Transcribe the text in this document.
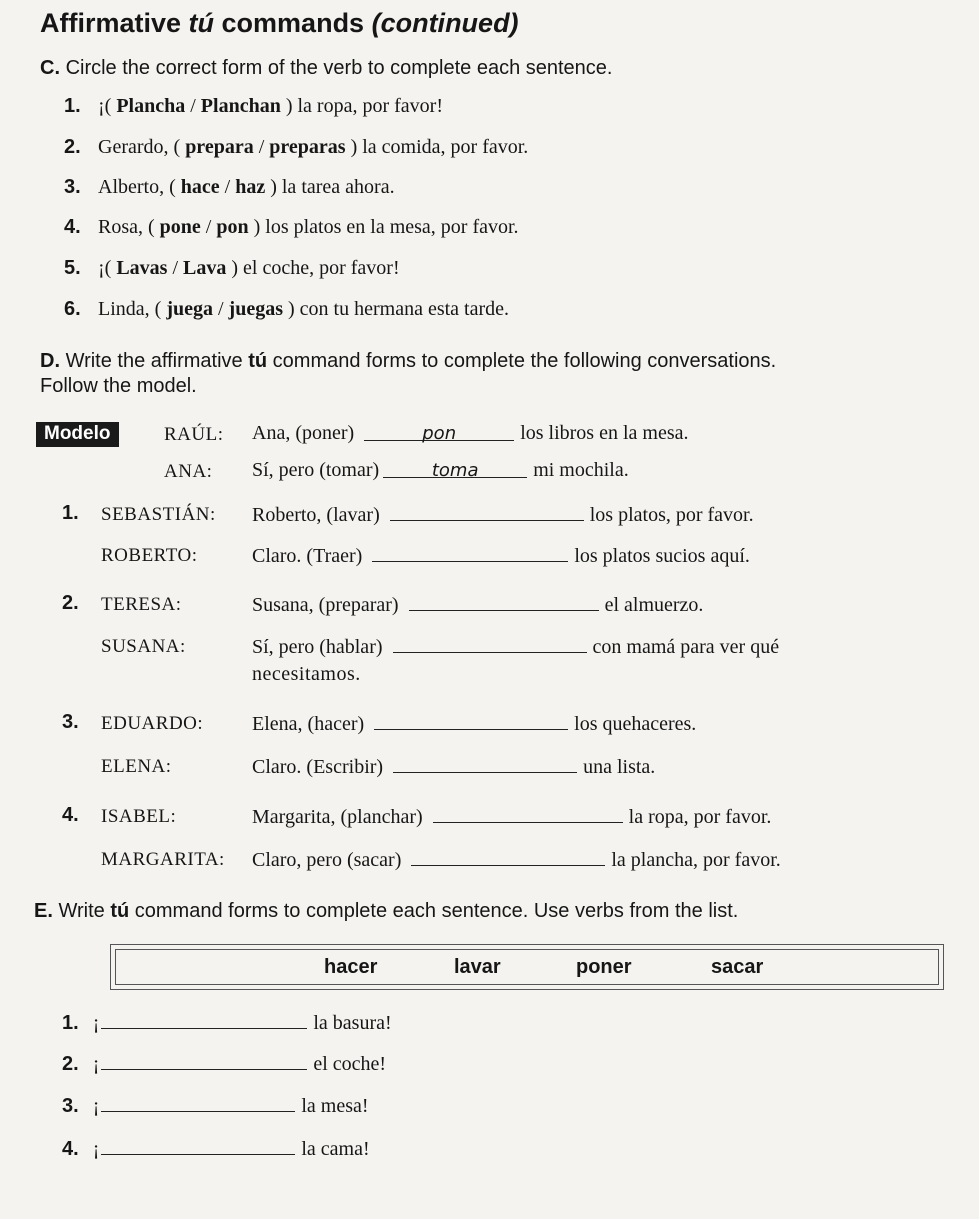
Affirmative tú commands (continued)
C. Circle the correct form of the verb to complete each sentence.
1. ¡( Plancha / Planchan ) la ropa, por favor!
2. Gerardo, ( prepara / preparas ) la comida, por favor.
3. Alberto, ( hace / haz ) la tarea ahora.
4. Rosa, ( pone / pon ) los platos en la mesa, por favor.
5. ¡( Lavas / Lava ) el coche, por favor!
6. Linda, ( juega / juegas ) con tu hermana esta tarde.
D. Write the affirmative tú command forms to complete the following conversations.
Follow the model.
Modelo	RAÚL: Ana, (poner)	pon	los libros en la mesa.
ANA: Sí, pero (tomar)	toma	mi mochila.
1. SEBASTIÁN: Roberto, (lavar)	los platos, por favor.
ROBERTO:	Claro. (Traer)	los platos sucios aquí.
2. TERESA:	Susana, (preparar)	el almuerzo.
SUSANA:	Sí, pero (hablar)	con mamá para ver qué
necesitamos.
3. EDUARDO: Elena, (hacer)	los quehaceres.
ELENA:	Claro. (Escribir)	una lista.
4. ISABEL:	Margarita, (planchar)	la ropa, por favor.
MARGARITA: Claro, pero (sacar)	la plancha, por favor.
E. Write tú command forms to complete each sentence. Use verbs from the list.
hacer	lavar	poner	sacar
1. ¡	la basura!
2. ¡	el coche!
3. ¡	la mesa!
4. ¡	la cama!
